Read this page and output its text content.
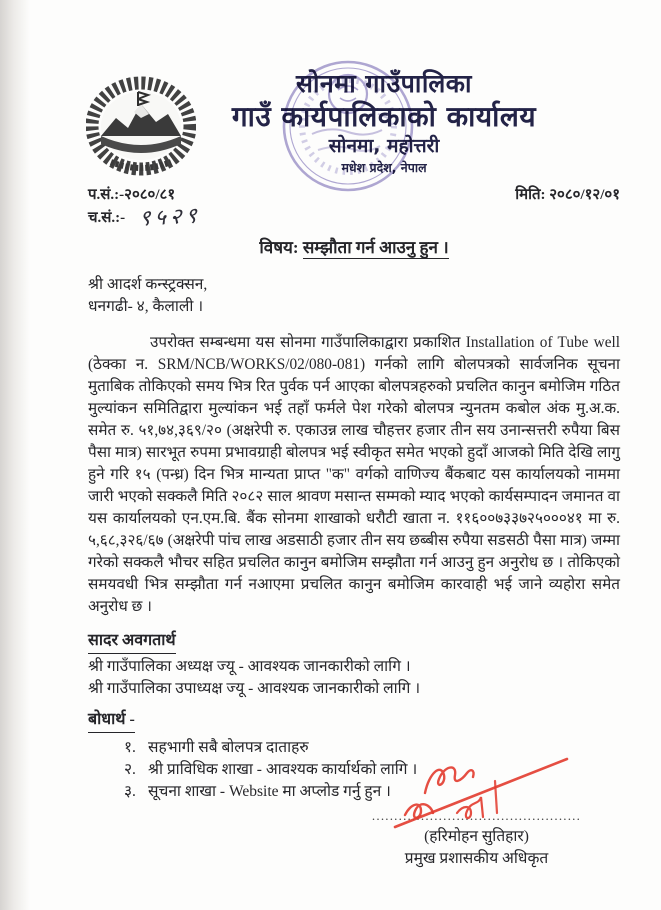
सोनमा गाउँपालिका
गाउँ कार्यपालिकाको कार्यालय
सोनमा, महोत्तरी
मधेश प्रदेश, नेपाल
प.सं.:-२०८०/८१	मिति: २०८०/१२/०१
च.सं.:- ९५२९
विषय: सम्झौता गर्न आउनु हुन ।
श्री आदर्श कन्स्ट्रक्सन,
धनगढी- ४, कैलाली ।
उपरोक्त सम्बन्धमा यस सोनमा गाउँपालिकाद्वारा प्रकाशित Installation of Tube well (ठेक्का न. SRM/NCB/WORKS/02/080-081) गर्नको लागि बोलपत्रको सार्वजनिक सूचना मुताबिक तोकिएको समय भित्र रित पुर्वक पर्न आएका बोलपत्रहरुको प्रचलित कानुन बमोजिम गठित मुल्यांकन समितिद्वारा मुल्यांकन भई तहाँ फर्मले पेश गरेको बोलपत्र न्युनतम कबोल अंक मु.अ.क. समेत रु. ५१,७४,३६९/२० (अक्षरेपी रु. एकाउन्न लाख चौहत्तर हजार तीन सय उनान्सत्तरी रुपैया बिस पैसा मात्र) सारभूत रुपमा प्रभावग्राही बोलपत्र भई स्वीकृत समेत भएको हुदाँ आजको मिति देखि लागु हुने गरि १५ (पन्ध्र) दिन भित्र मान्यता प्राप्त "क" वर्गको वाणिज्य बैंकबाट यस कार्यालयको नाममा जारी भएको सक्कलै मिति २०८२ साल श्रावण मसान्त सम्मको म्याद भएको कार्यसम्पादन जमानत वा यस कार्यालयको एन.एम.बि. बैंक सोनमा शाखाको धरौटी खाता न. ११६००७३३७२५०००४१ मा रु. ५,६८,३२६/६७ (अक्षरेपी पांच लाख अडसाठी हजार तीन सय छब्बीस रुपैया सडसठी पैसा मात्र) जम्मा गरेको सक्कलै भौचर सहित प्रचलित कानुन बमोजिम सम्झौता गर्न आउनु हुन अनुरोध छ । तोकिएको समयवधी भित्र सम्झौता गर्न नआएमा प्रचलित कानुन बमोजिम कारवाही भई जाने व्यहोरा समेत अनुरोध छ ।
सादर अवगतार्थ
श्री गाउँपालिका अध्यक्ष ज्यू - आवश्यक जानकारीको लागि ।
श्री गाउँपालिका उपाध्यक्ष ज्यू - आवश्यक जानकारीको लागि ।
बोधार्थ -
१. सहभागी सबै बोलपत्र दाताहरु
२. श्री प्राविधिक शाखा - आवश्यक कार्यार्थको लागि ।
३. सूचना शाखा - Website मा अप्लोड गर्नु हुन ।
...............................................
(हरिमोहन सुतिहार)
प्रमुख प्रशासकीय अधिकृत
